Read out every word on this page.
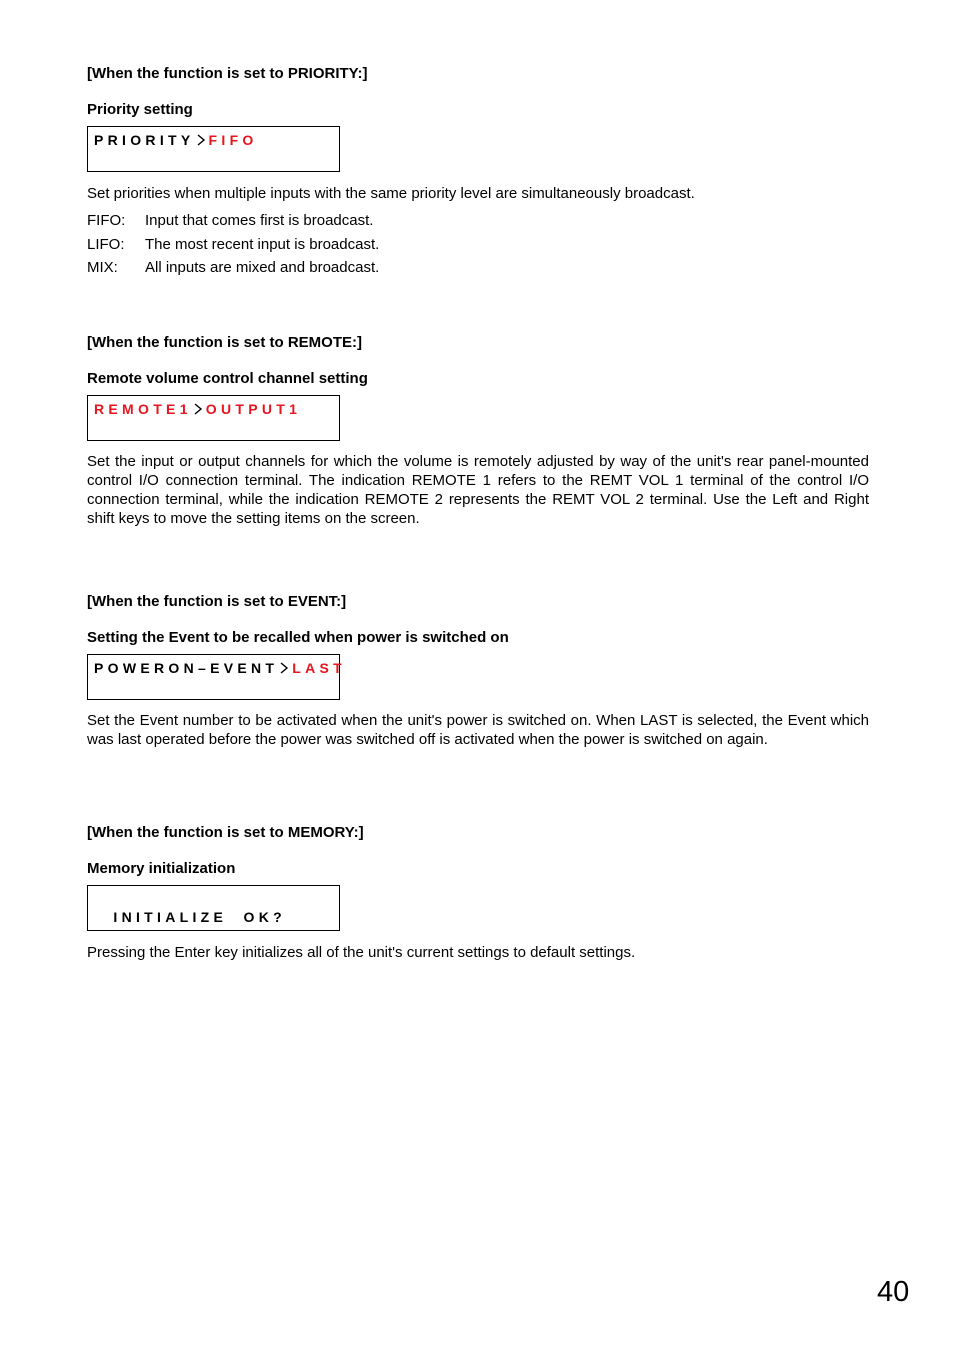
[When the function is set to PRIORITY:]
Priority setting
PRIORITY FIFO
Set priorities when multiple inputs with the same priority level are simultaneously broadcast.
FIFO: Input that comes first is broadcast.
LIFO: The most recent input is broadcast.
MIX: All inputs are mixed and broadcast.
[When the function is set to REMOTE:]
Remote volume control channel setting
REMOTE1 OUTPUT1
Set the input or output channels for which the volume is remotely adjusted by way of the unit's rear panel-mounted control I/O connection terminal. The indication REMOTE 1 refers to the REMT VOL 1 terminal of the control I/O connection terminal, while the indication REMOTE 2 represents the REMT VOL 2 terminal. Use the Left and Right shift keys to move the setting items on the screen.
[When the function is set to EVENT:]
Setting the Event to be recalled when power is switched on
POWERON–EVENT LAST
Set the Event number to be activated when the unit's power is switched on. When LAST is selected, the Event which was last operated before the power was switched off is activated when the power is switched on again.
[When the function is set to MEMORY:]
Memory initialization

INITIALIZE  OK?

Pressing the Enter key initializes all of the unit's current settings to default settings.
40
